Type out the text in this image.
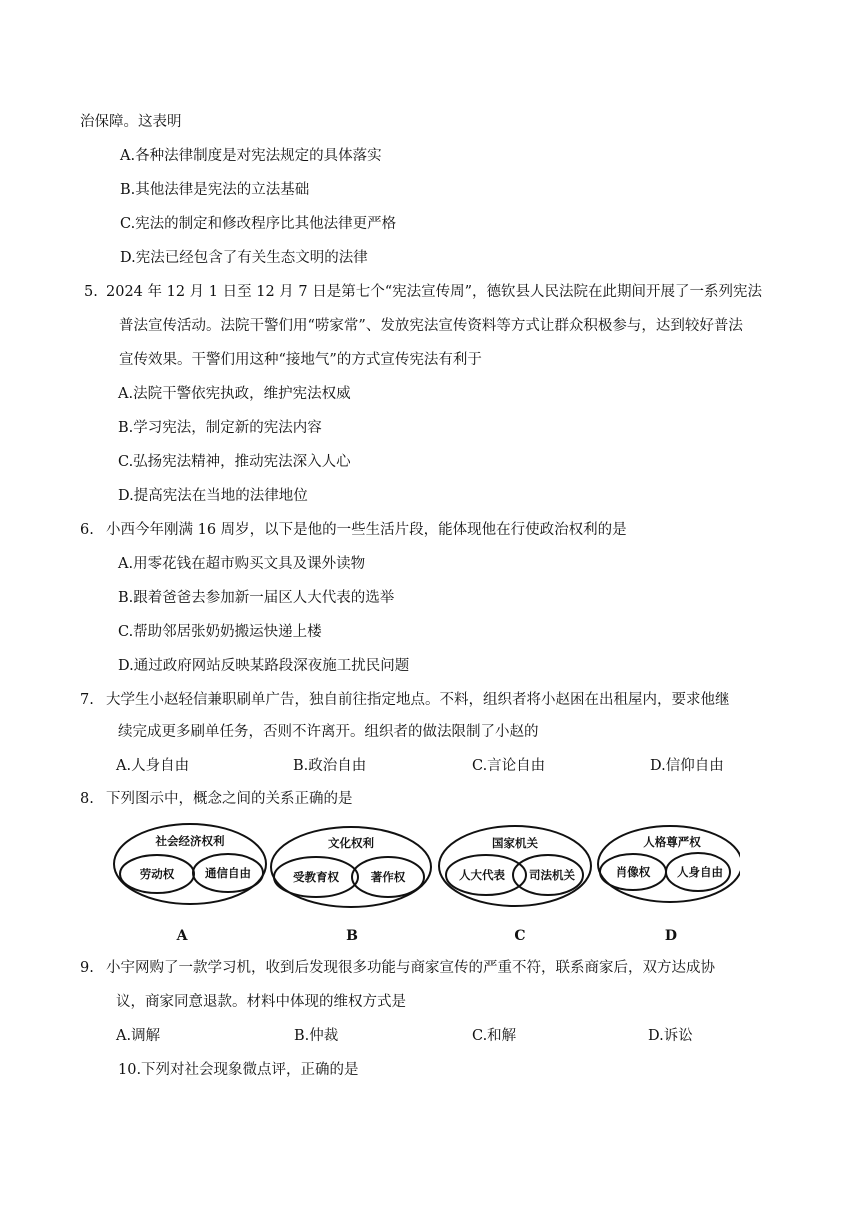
治保障。这表明
A.各种法律制度是对宪法规定的具体落实
B.其他法律是宪法的立法基础
C.宪法的制定和修改程序比其他法律更严格
D.宪法已经包含了有关生态文明的法律
5. 2024 年 12 月 1 日至 12 月 7 日是第七个“宪法宣传周”，德钦县人民法院在此期间开展了一系列宪法
普法宣传活动。法院干警们用“唠家常”、发放宪法宣传资料等方式让群众积极参与，达到较好普法
宣传效果。干警们用这种“接地气”的方式宣传宪法有利于
A.法院干警依宪执政，维护宪法权威
B.学习宪法，制定新的宪法内容
C.弘扬宪法精神，推动宪法深入人心
D.提高宪法在当地的法律地位
6. 小西今年刚满 16 周岁，以下是他的一些生活片段，能体现他在行使政治权利的是
A.用零花钱在超市购买文具及课外读物
B.跟着爸爸去参加新一届区人大代表的选举
C.帮助邻居张奶奶搬运快递上楼
D.通过政府网站反映某路段深夜施工扰民问题
7. 大学生小赵轻信兼职刷单广告，独自前往指定地点。不料，组织者将小赵困在出租屋内，要求他继
续完成更多刷单任务，否则不许离开。组织者的做法限制了小赵的
A.人身自由	B.政治自由	C.言论自由	D.信仰自由
8. 下列图示中，概念之间的关系正确的是
社会经济权利
劳动权	通信自由
A
文化权利
受教育权	著作权
B
国家机关
人大代表 司法机关
C
人格尊严权
肖像权 人身自由
D
9. 小宇网购了一款学习机，收到后发现很多功能与商家宣传的严重不符，联系商家后，双方达成协
议，商家同意退款。材料中体现的维权方式是
A.调解	B.仲裁	C.和解	D.诉讼
10.下列对社会现象微点评，正确的是
